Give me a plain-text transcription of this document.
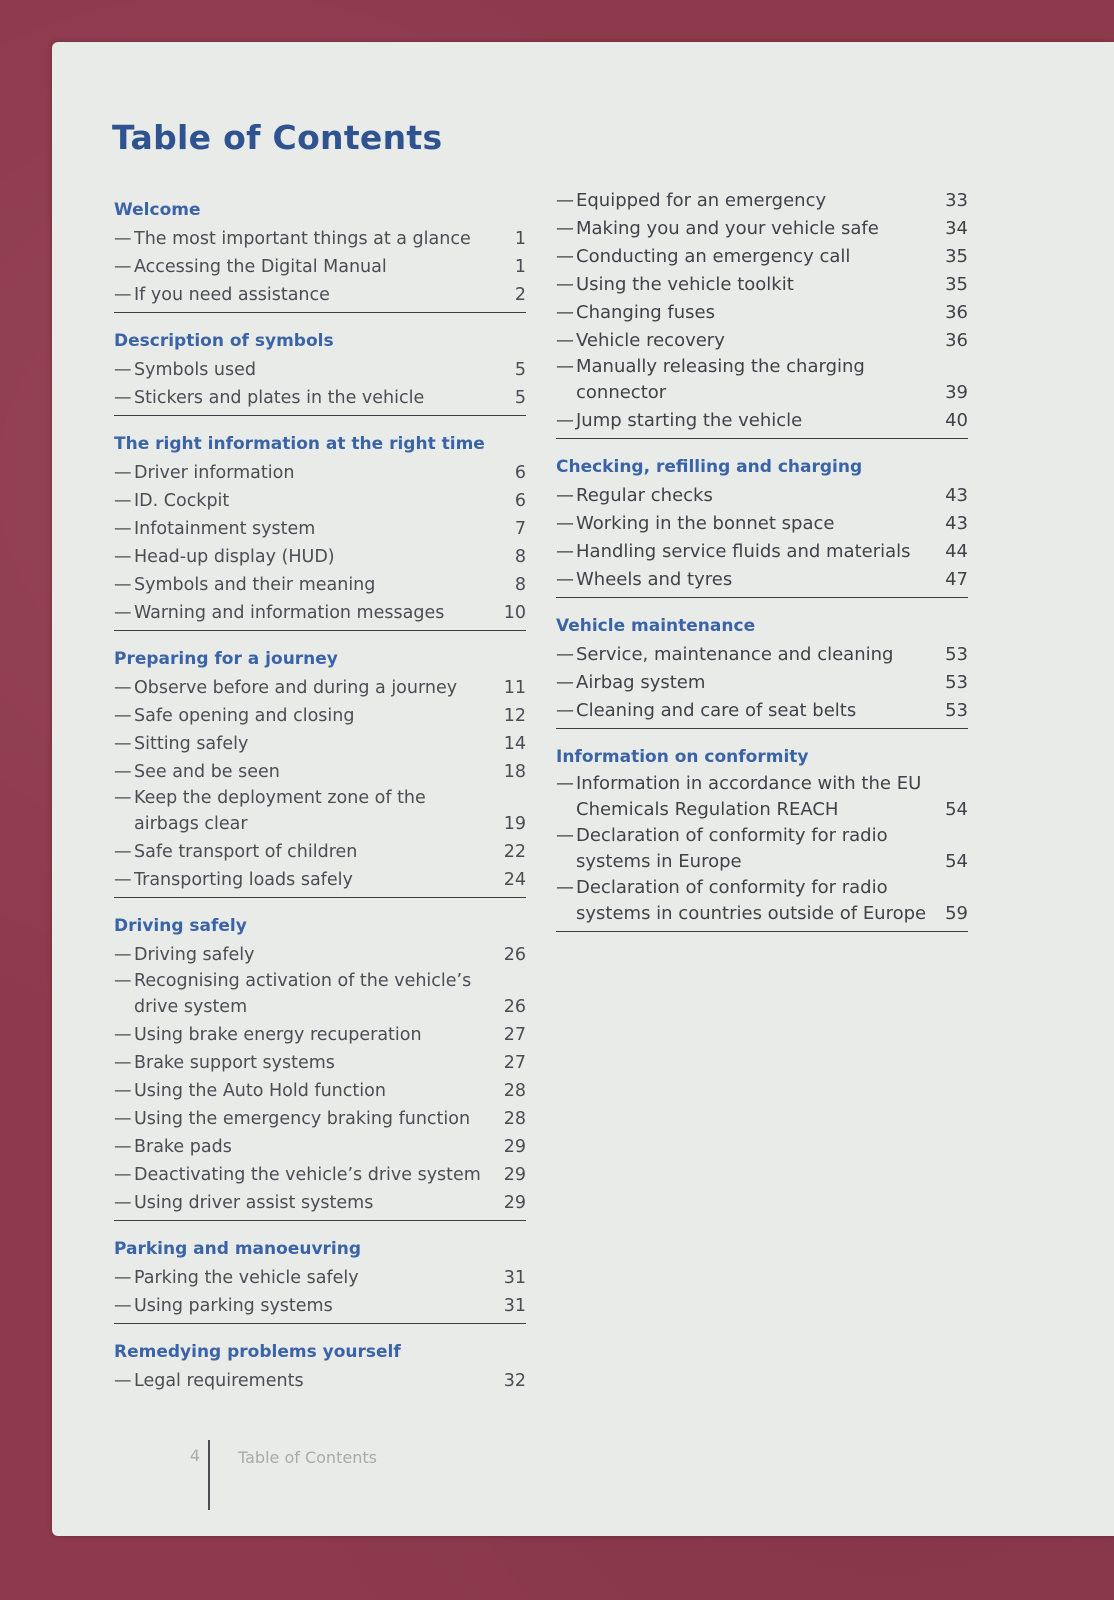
Table of Contents
Welcome
— The most important things at a glance	1
— Accessing the Digital Manual	1
— If you need assistance	2
Description of symbols
— Symbols used	5
— Stickers and plates in the vehicle	5
The right information at the right time
— Driver information	6
— ID. Cockpit	6
— Infotainment system	7
— Head-up display (HUD)	8
— Symbols and their meaning	8
— Warning and information messages	10
Preparing for a journey
— Observe before and during a journey	11
— Safe opening and closing	12
— Sitting safely	14
— See and be seen	18
— Keep the deployment zone of the airbags clear	19
— Safe transport of children	22
— Transporting loads safely	24
Driving safely
— Driving safely	26
— Recognising activation of the vehicle’s drive system	26
— Using brake energy recuperation	27
— Brake support systems	27
— Using the Auto Hold function	28
— Using the emergency braking function	28
— Brake pads	29
— Deactivating the vehicle’s drive system	29
— Using driver assist systems	29
Parking and manoeuvring
— Parking the vehicle safely	31
— Using parking systems	31
Remedying problems yourself
— Legal requirements	32
— Equipped for an emergency	33
— Making you and your vehicle safe	34
— Conducting an emergency call	35
— Using the vehicle toolkit	35
— Changing fuses	36
— Vehicle recovery	36
— Manually releasing the charging connector	39
— Jump starting the vehicle	40
Checking, refilling and charging
— Regular checks	43
— Working in the bonnet space	43
— Handling service fluids and materials	44
— Wheels and tyres	47
Vehicle maintenance
— Service, maintenance and cleaning	53
— Airbag system	53
— Cleaning and care of seat belts	53
Information on conformity
— Information in accordance with the EU Chemicals Regulation REACH	54
— Declaration of conformity for radio systems in Europe	54
— Declaration of conformity for radio systems in countries outside of Europe	59
4	Table of Contents
